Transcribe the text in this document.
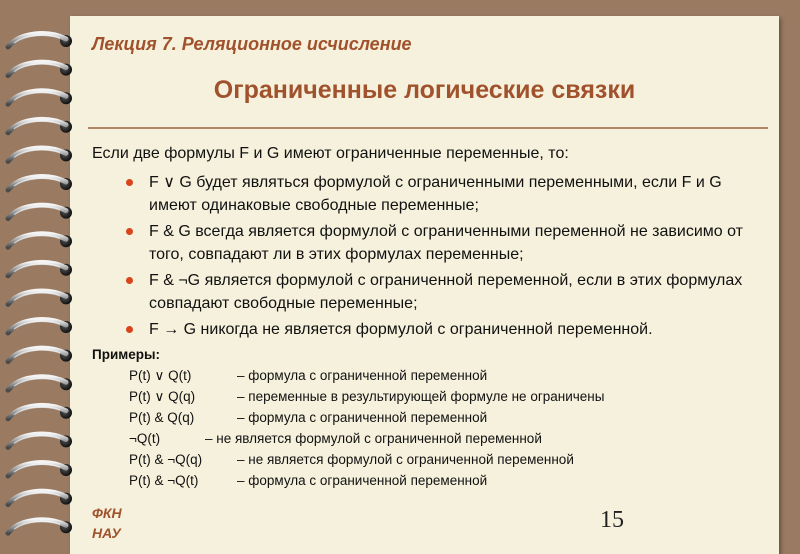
Лекция 7. Реляционное исчисление
Ограниченные логические связки
Если две формулы F и G имеют ограниченные переменные, то:
F ∨ G будет являться формулой с ограниченными переменными, если F и G имеют одинаковые свободные переменные;
F & G всегда является формулой с ограниченными переменной не зависимо от того, совпадают ли в этих формулах переменные;
F & ¬G является формулой с ограниченной переменной, если в этих формулах совпадают свободные переменные;
F → G никогда не является формулой с ограниченной переменной.
Примеры:
P(t) ∨ Q(t)	– формула с ограниченной переменной
P(t) ∨ Q(q)	– переменные в результирующей формуле не ограничены
P(t) & Q(q)	– формула с ограниченной переменной
¬Q(t)	– не является формулой с ограниченной переменной
P(t) & ¬Q(q)	– не является формулой с ограниченной переменной
P(t) & ¬Q(t)	– формула с ограниченной переменной
ФКН
НАУ	15
